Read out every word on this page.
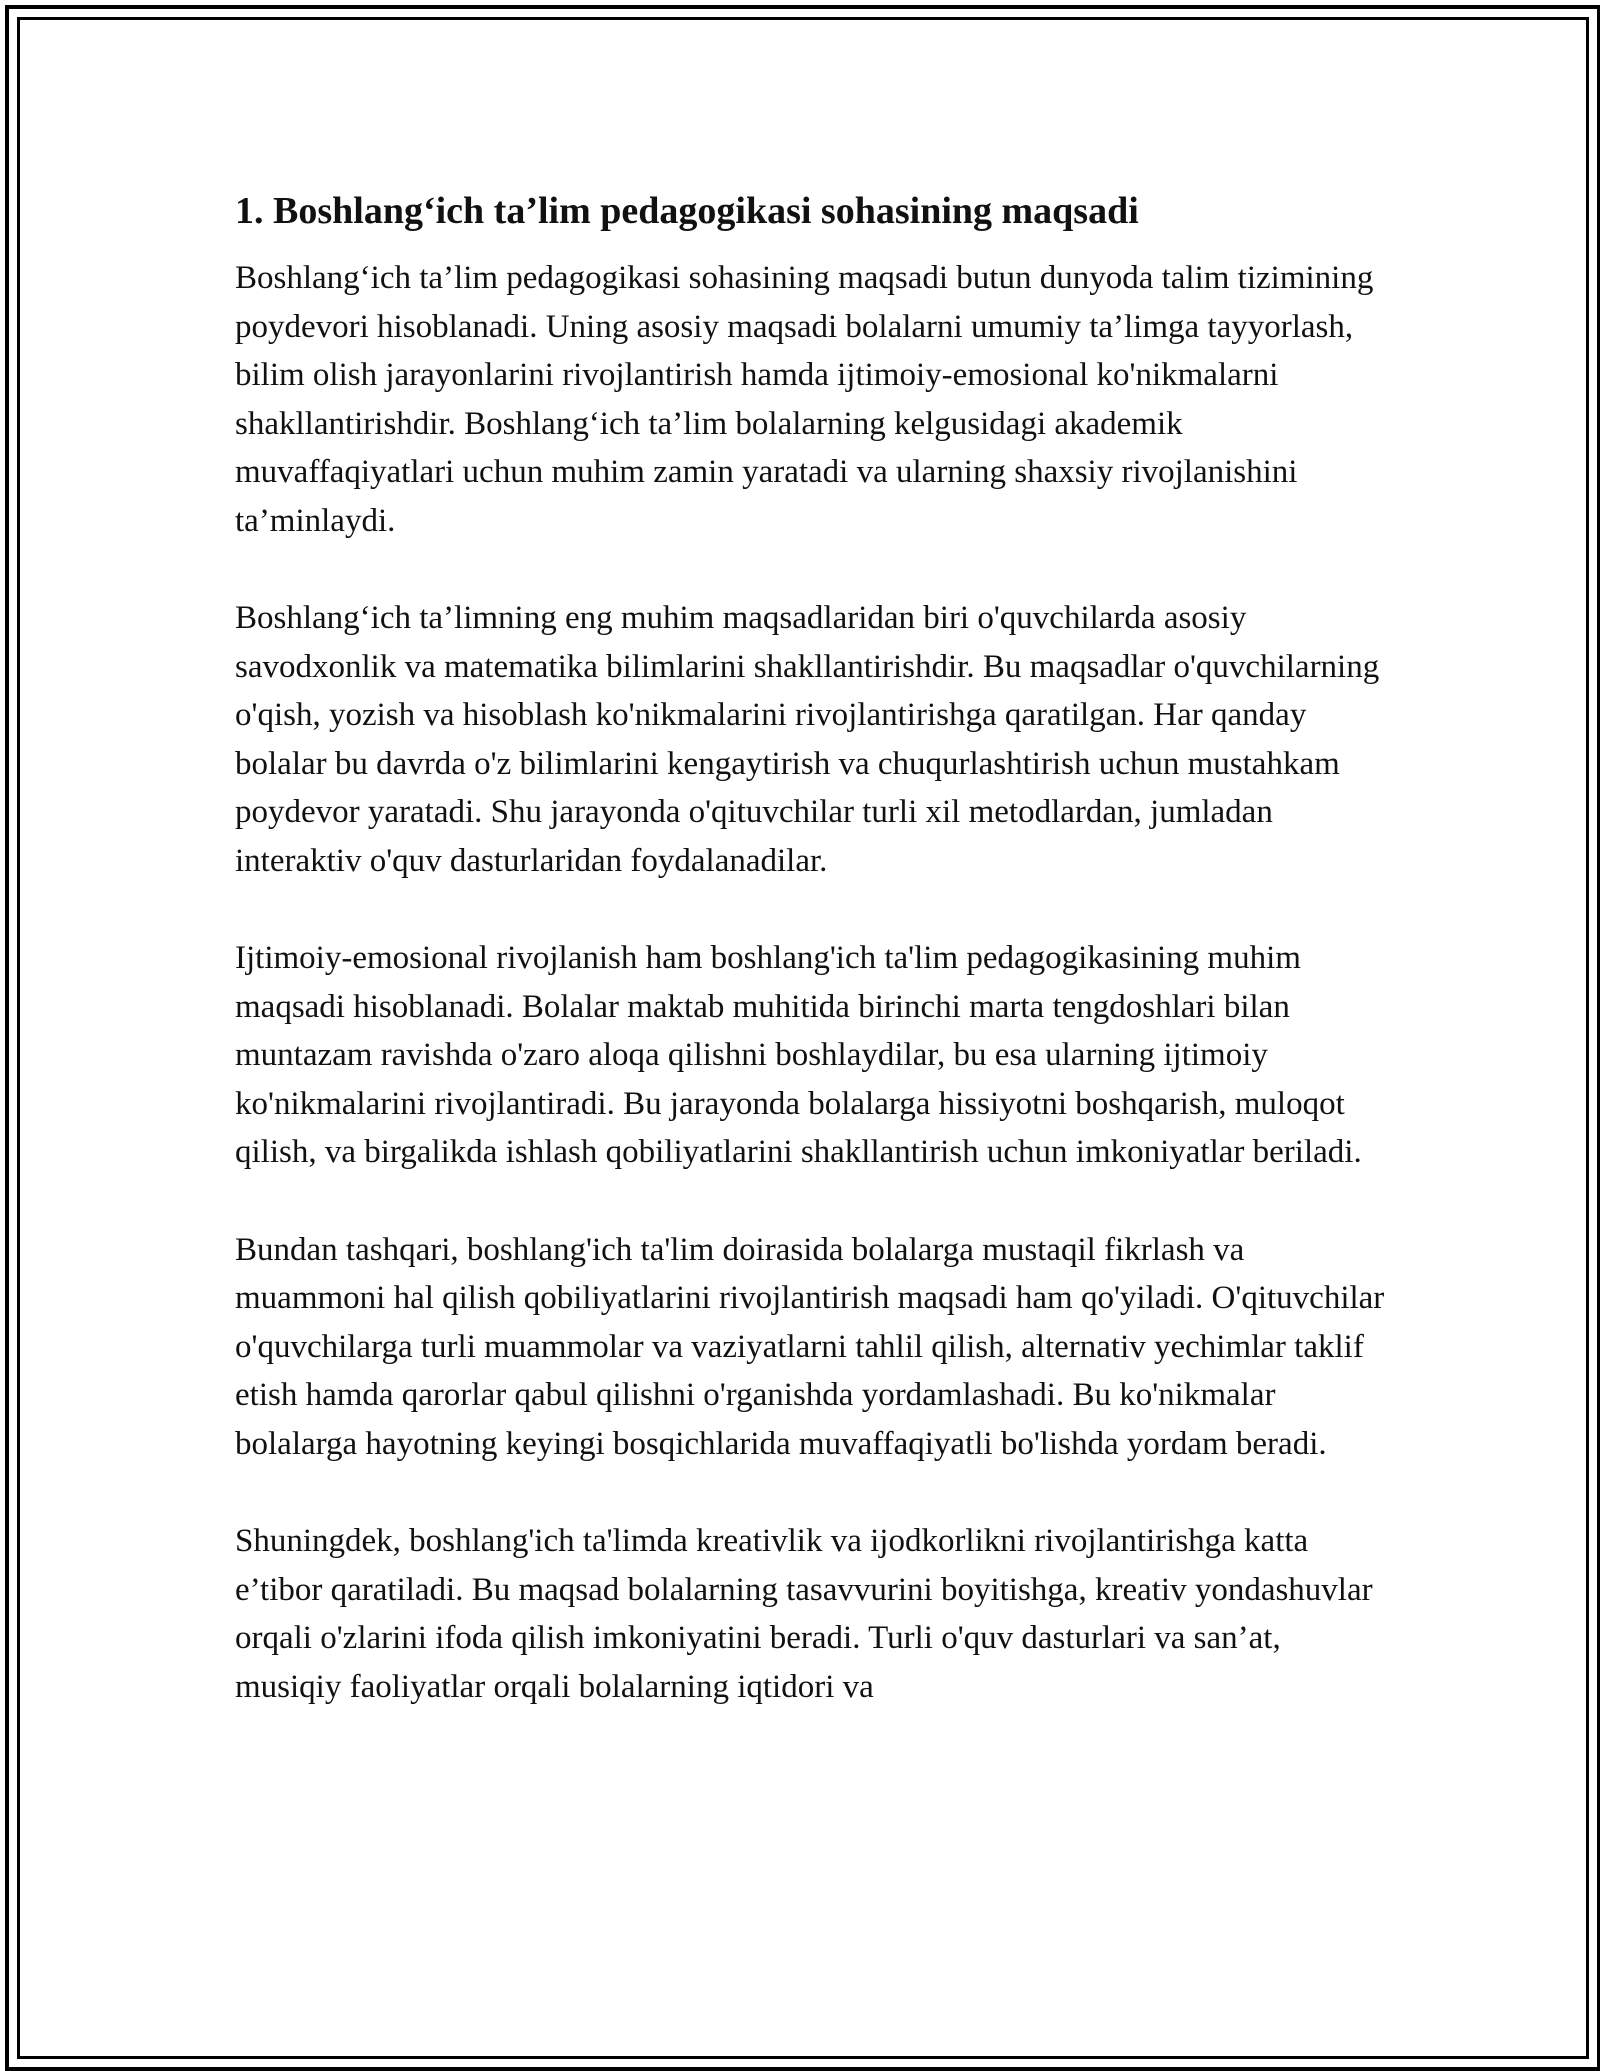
1. Boshlang‘ich ta’lim pedagogikasi sohasining maqsadi

Boshlang‘ich ta’lim pedagogikasi sohasining maqsadi butun dunyoda talim tizimining poydevori hisoblanadi. Uning asosiy maqsadi bolalarni umumiy ta’limga tayyorlash, bilim olish jarayonlarini rivojlantirish hamda ijtimoiy-emosional ko'nikmalarni shakllantirishdir. Boshlang‘ich ta’lim bolalarning kelgusidagi akademik muvaffaqiyatlari uchun muhim zamin yaratadi va ularning shaxsiy rivojlanishini ta’minlaydi.

Boshlang‘ich ta’limning eng muhim maqsadlaridan biri o'quvchilarda asosiy savodxonlik va matematika bilimlarini shakllantirishdir. Bu maqsadlar o'quvchilarning o'qish, yozish va hisoblash ko'nikmalarini rivojlantirishga qaratilgan. Har qanday bolalar bu davrda o'z bilimlarini kengaytirish va chuqurlashtirish uchun mustahkam poydevor yaratadi. Shu jarayonda o'qituvchilar turli xil metodlardan, jumladan interaktiv o'quv dasturlaridan foydalanadilar.

Ijtimoiy-emosional rivojlanish ham boshlang'ich ta'lim pedagogikasining muhim maqsadi hisoblanadi. Bolalar maktab muhitida birinchi marta tengdoshlari bilan muntazam ravishda o'zaro aloqa qilishni boshlaydilar, bu esa ularning ijtimoiy ko'nikmalarini rivojlantiradi. Bu jarayonda bolalarga hissiyotni boshqarish, muloqot qilish, va birgalikda ishlash qobiliyatlarini shakllantirish uchun imkoniyatlar beriladi.

Bundan tashqari, boshlang'ich ta'lim doirasida bolalarga mustaqil fikrlash va muammoni hal qilish qobiliyatlarini rivojlantirish maqsadi ham qo'yiladi. O'qituvchilar o'quvchilarga turli muammolar va vaziyatlarni tahlil qilish, alternativ yechimlar taklif etish hamda qarorlar qabul qilishni o'rganishda yordamlashadi. Bu ko'nikmalar bolalarga hayotning keyingi bosqichlarida muvaffaqiyatli bo'lishda yordam beradi.

Shuningdek, boshlang'ich ta'limda kreativlik va ijodkorlikni rivojlantirishga katta e’tibor qaratiladi. Bu maqsad bolalarning tasavvurini boyitishga, kreativ yondashuvlar orqali o'zlarini ifoda qilish imkoniyatini beradi. Turli o'quv dasturlari va san’at, musiqiy faoliyatlar orqali bolalarning iqtidori va
